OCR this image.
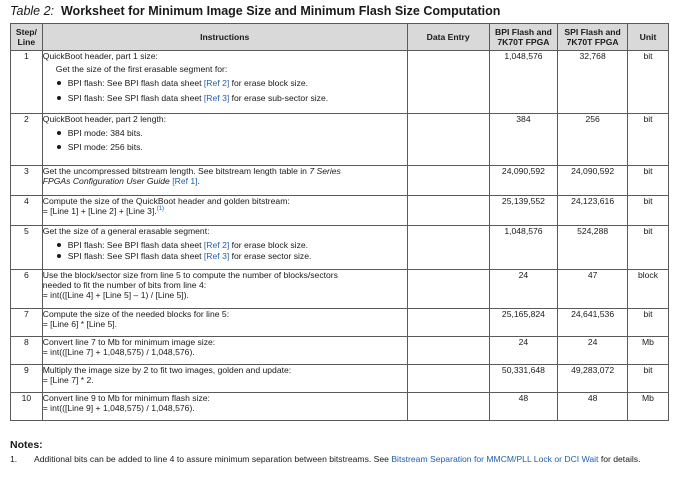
Table 2: Worksheet for Minimum Image Size and Minimum Flash Size Computation
Step/
Line	Instructions	Data Entry	BPI Flash and
7K70T FPGA	SPI Flash and
7K70T FPGA	Unit
1	QuickBoot header, part 1 size:
Get the size of the first erasable segment for:
BPI flash: See BPI flash data sheet [Ref 2] for erase block size.
SPI flash: See SPI flash data sheet [Ref 3] for erase sub-sector size.		1,048,576	32,768	bit
2	QuickBoot header, part 2 length:
BPI mode: 384 bits.
SPI mode: 256 bits.		384	256	bit
3	Get the uncompressed bitstream length. See bitstream length table in 7 Series
FPGAs Configuration User Guide [Ref 1].		24,090,592	24,090,592	bit
4	Compute the size of the QuickBoot header and golden bitstream:
= [Line 1] + [Line 2] + [Line 3].$^{(1)}$		25,139,552	24,123,616	bit
5	Get the size of a general erasable segment:
BPI flash: See BPI flash data sheet [Ref 2] for erase block size.
SPI flash: See SPI flash data sheet [Ref 3] for erase sector size.		1,048,576	524,288	bit
6	Use the block/sector size from line 5 to compute the number of blocks/sectors
needed to fit the number of bits from line 4:
= int(([Line 4] + [Line 5] – 1) / [Line 5]).		24	47	block
7	Compute the size of the needed blocks for line 5:
= [Line 6] * [Line 5].		25,165,824	24,641,536	bit
8	Convert line 7 to Mb for minimum image size:
= int(([Line 7] + 1,048,575) / 1,048,576).		24	24	Mb
9	Multiply the image size by 2 to fit two images, golden and update:
= [Line 7] * 2.		50,331,648	49,283,072	bit
10	Convert line 9 to Mb for minimum flash size:
= int(([Line 9] + 1,048,575) / 1,048,576).		48	48	Mb
Notes:
1.	Additional bits can be added to line 4 to assure minimum separation between bitstreams. See Bitstream Separation for MMCM/PLL Lock or DCI Wait for details.
